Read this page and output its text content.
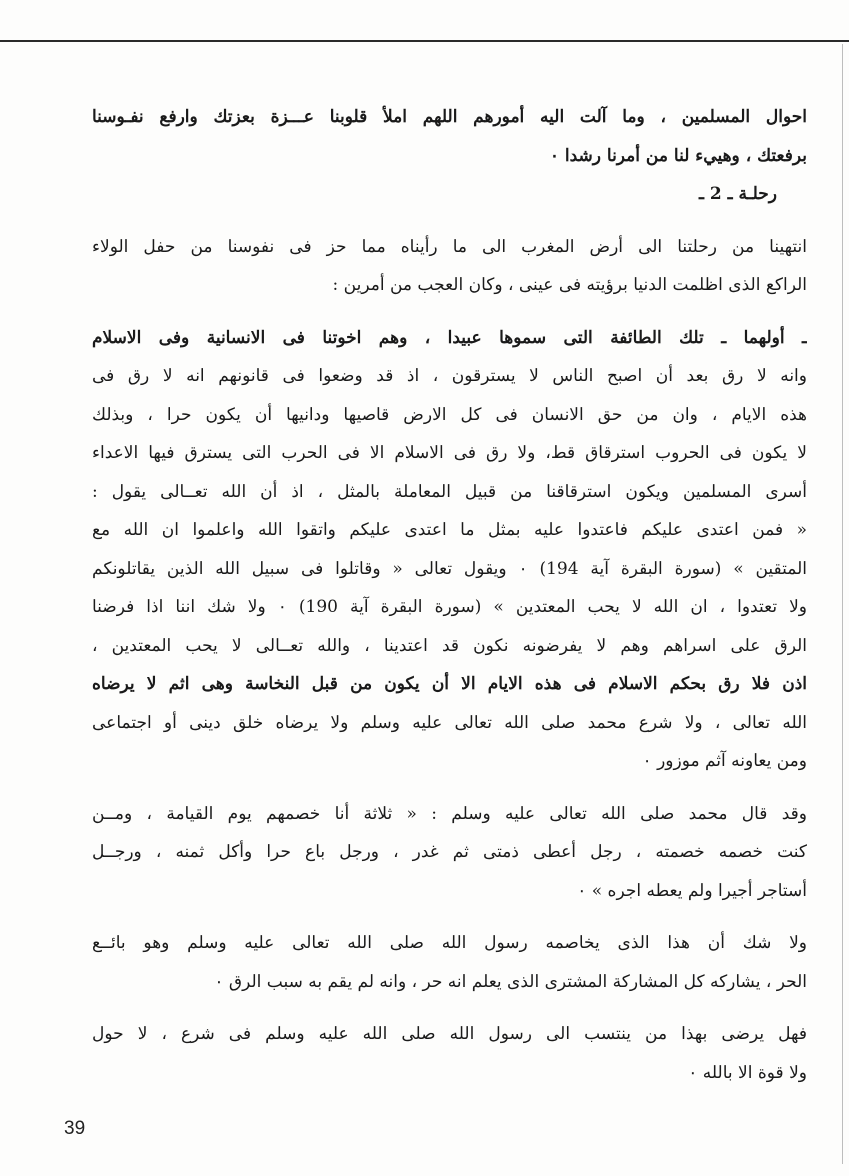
احوال المسلمين ، وما آلت اليه أمورهم اللهم املأ قلوبنا عـــزة بعزتك وارفع نفـوسنا
برفعتك ، وهييء لنا من أمرنا رشدا ٠
رحلـة ـ 2 ـ
انتهينا من رحلتنا الى أرض المغرب الى ما رأيناه مما حز فى نفوسنا من حفل الولاء
الراكع الذى اظلمت الدنيا برؤيته فى عينى ، وكان العجب من أمرين :
ـ أولهما ـ تلك الطائفة التى سموها عبيدا ، وهم اخوتنا فى الانسانية وفى الاسلام
وانه لا رق بعد أن اصبح الناس لا يسترقون ، اذ قد وضعوا فى قانونهم انه لا رق فى
هذه الايام ، وان من حق الانسان فى كل الارض قاصيها ودانيها أن يكون حرا ، وبذلك
لا يكون فى الحروب استرقاق قط، ولا رق فى الاسلام الا فى الحرب التى يسترق فيها الاعداء
أسرى المسلمين ويكون استرقاقنا من قبيل المعاملة بالمثل ، اذ أن الله تعــالى يقول :
« فمن اعتدى عليكم فاعتدوا عليه بمثل ما اعتدى عليكم واتقوا الله واعلموا ان الله مع
المتقين » (سورة البقرة آية 194) ٠ ويقول تعالى « وقاتلوا فى سبيل الله الذين يقاتلونكم
ولا تعتدوا ، ان الله لا يحب المعتدين » (سورة البقرة آية 190) ٠ ولا شك اننا اذا فرضنا
الرق على اسراهم وهم لا يفرضونه نكون قد اعتدينا ، والله تعــالى لا يحب المعتدين ،
اذن فلا رق بحكم الاسلام فى هذه الايام الا أن يكون من قبل النخاسة وهى اثم لا يرضاه
الله تعالى ، ولا شرع محمد صلى الله تعالى عليه وسلم ولا يرضاه خلق دينى أو اجتماعى
ومن يعاونه آثم موزور ٠
وقد قال محمد صلى الله تعالى عليه وسلم : « ثلاثة أنا خصمهم يوم القيامة ، ومــن
كنت خصمه خصمته ، رجل أعطى ذمتى ثم غدر ، ورجل باع حرا وأكل ثمنه ، ورجــل
أستاجر أجيرا ولم يعطه اجره » ٠
ولا شك أن هذا الذى يخاصمه رسول الله صلى الله تعالى عليه وسلم وهو بائــع
الحر ، يشاركه كل المشاركة المشترى الذى يعلم انه حر ، وانه لم يقم به سبب الرق ٠
فهل يرضى بهذا من ينتسب الى رسول الله صلى الله عليه وسلم فى شرع ، لا حول
ولا قوة الا بالله ٠
39
